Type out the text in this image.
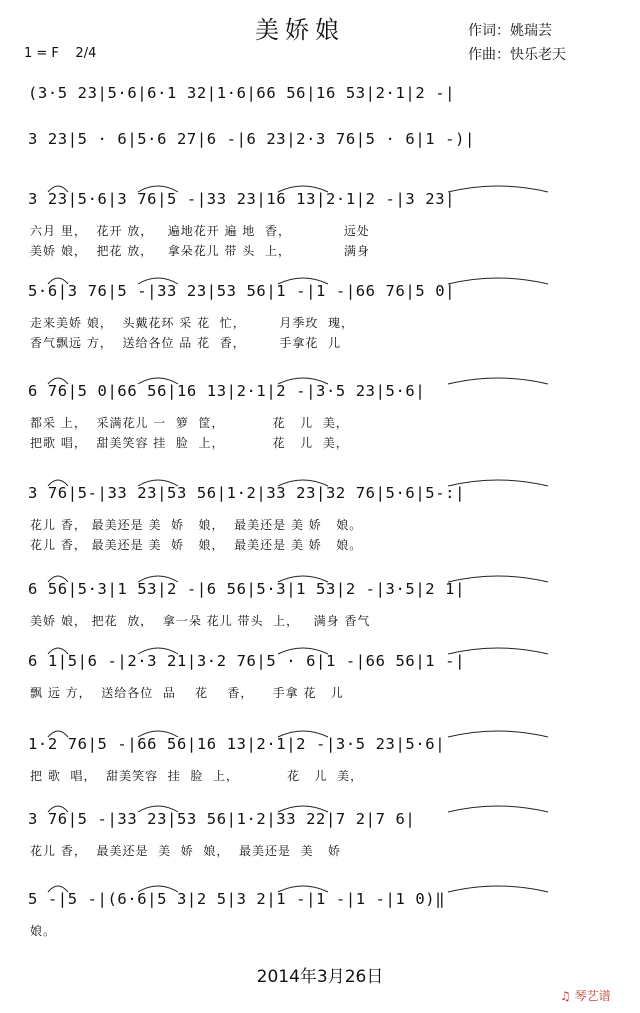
美娇娘	作词：姚瑞芸
作曲：快乐老天
1 = F    2/4
(3·5 23|5·6|6·1 32|1·6|66 56|16 53|2·1|2 -|
3 23|5 · 6|5·6 27|6 -|6 23|2·3 76|5 · 6|1 -)|
3 23|5·6|3 76|5 -|33 23|16 13|2·1|2 -|3 23|
六月 里，  花开 放，   遍地花开 遍 地  香，           远处
美娇 娘，  把花 放，   拿朵花儿 带 头  上，           满身
5·6|3 76|5 -|33 23|53 56|1 -|1 -|66 76|5 0|
走来美娇 娘，  头戴花环 采 花  忙，       月季玫  瑰，
香气飘远 方，  送给各位 品 花  香，       手拿花  儿
6 76|5 0|66 56|16 13|2·1|2 -|3·5 23|5·6|
都采 上，  采满花儿 一  箩  筐，          花   儿  美，
把歌 唱，  甜美笑容 挂  脸  上，          花   儿  美，
3 76|5-|33 23|53 56|1·2|33 23|32 76|5·6|5-:|
花儿 香， 最美还是 美  娇   娘，  最美还是 美 娇   娘。
花儿 香， 最美还是 美  娇   娘，  最美还是 美 娇   娘。
6 56|5·3|1 53|2 -|6 56|5·3|1 53|2 -|3·5|2 1|
美娇 娘， 把花  放，  拿一朵 花儿 带头  上，   满身 香气
6 1|5|6 -|2·3 21|3·2 76|5 · 6|1 -|66 56|1 -|
飘 远 方，  送给各位  品    花    香，    手拿 花   儿
1·2 76|5 -|66 56|16 13|2·1|2 -|3·5 23|5·6|
把 歌  唱，  甜美笑容  挂  脸  上，          花   儿  美，
3 76|5 -|33 23|53 56|1·2|33 22|7 2|7 6|
花儿 香，  最美还是  美  娇  娘，  最美还是  美   娇
5 -|5 -|(6·6|5 3|2 5|3 2|1 -|1 -|1 -|1 0)‖
娘。
2014年3月26日
♫ 琴艺谱
